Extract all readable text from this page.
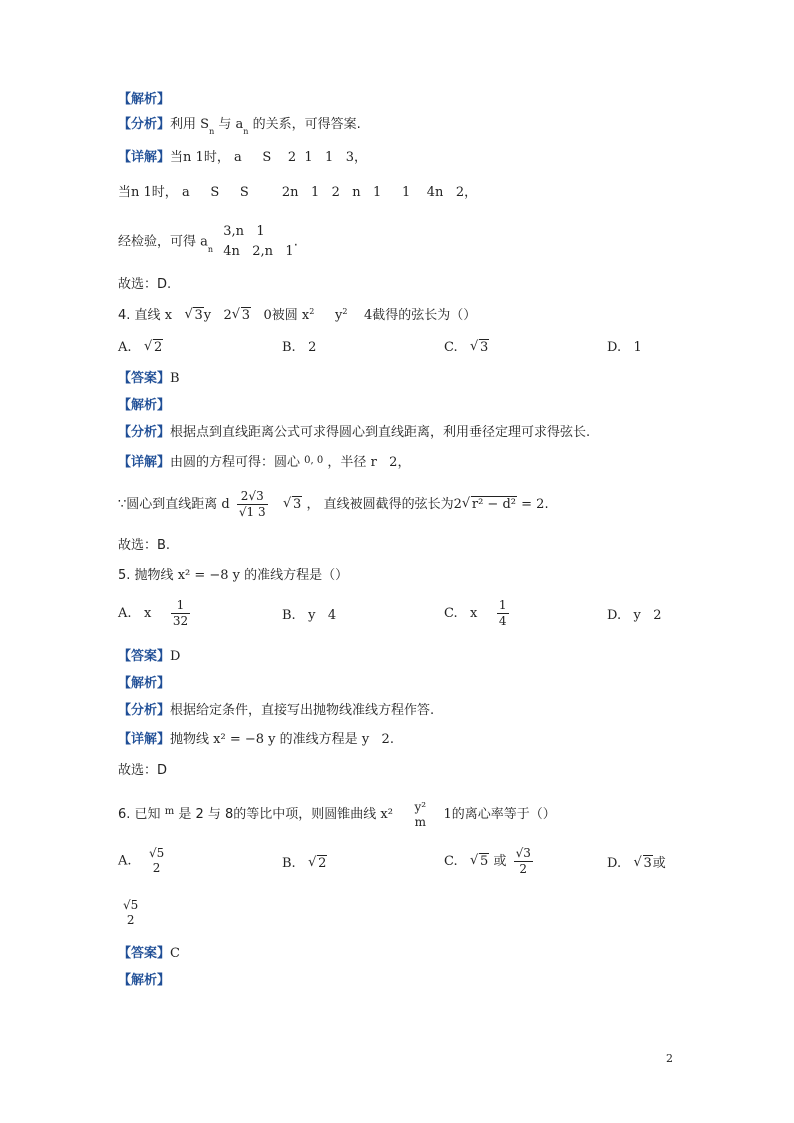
【解析】
【分析】利用 $S_n$ 与 $a_n$ 的关系，可得答案.
【详解】当n 1时， a     S    2  1   1   3，
当n 1时， a     S     S        2n   1   2   n   1     1    4n   2，
经检验，可得 $a_n$
3,n   1
4n   2,n   1
.
故选：D.
4. 直线 x √ 3y 2 √ 3 0被圆 $x^2$ $y^2$ 4截得的弦长为（）
A. √ 2	B. 2	C. √ 3	D. 1
【答案】B
【解析】
【分析】根据点到直线距离公式可求得圆心到直线距离，利用垂径定理可求得弦长.
【详解】由圆的方程可得：圆心 $^{0, 0}$ ，半径 r   2，
∵圆心到直线距离 d $\frac{2√3}{√1 3}$ √ 3 ， 直线被圆截得的弦长为2 √ r² − d² = 2.
故选：B.
5. 抛物线 x² = −8 y 的准线方程是（）
A. x $\frac{1}{32}$	B. y   4	C. x $\frac{1}{4}$	D. y   2
【答案】D
【解析】
【分析】根据给定条件，直接写出抛物线准线方程作答.
【详解】抛物线 x² = −8 y 的准线方程是 y   2.
故选：D
6. 已知 $^m$ 是 2 与 8的等比中项，则圆锥曲线 x²
y²
m 1的离心率等于（）
A.
√5
2	B. √ 2	C. √ 5 或 $\frac{√3}{2}$	D. √ 3或
√5
2
【答案】C
【解析】
2
